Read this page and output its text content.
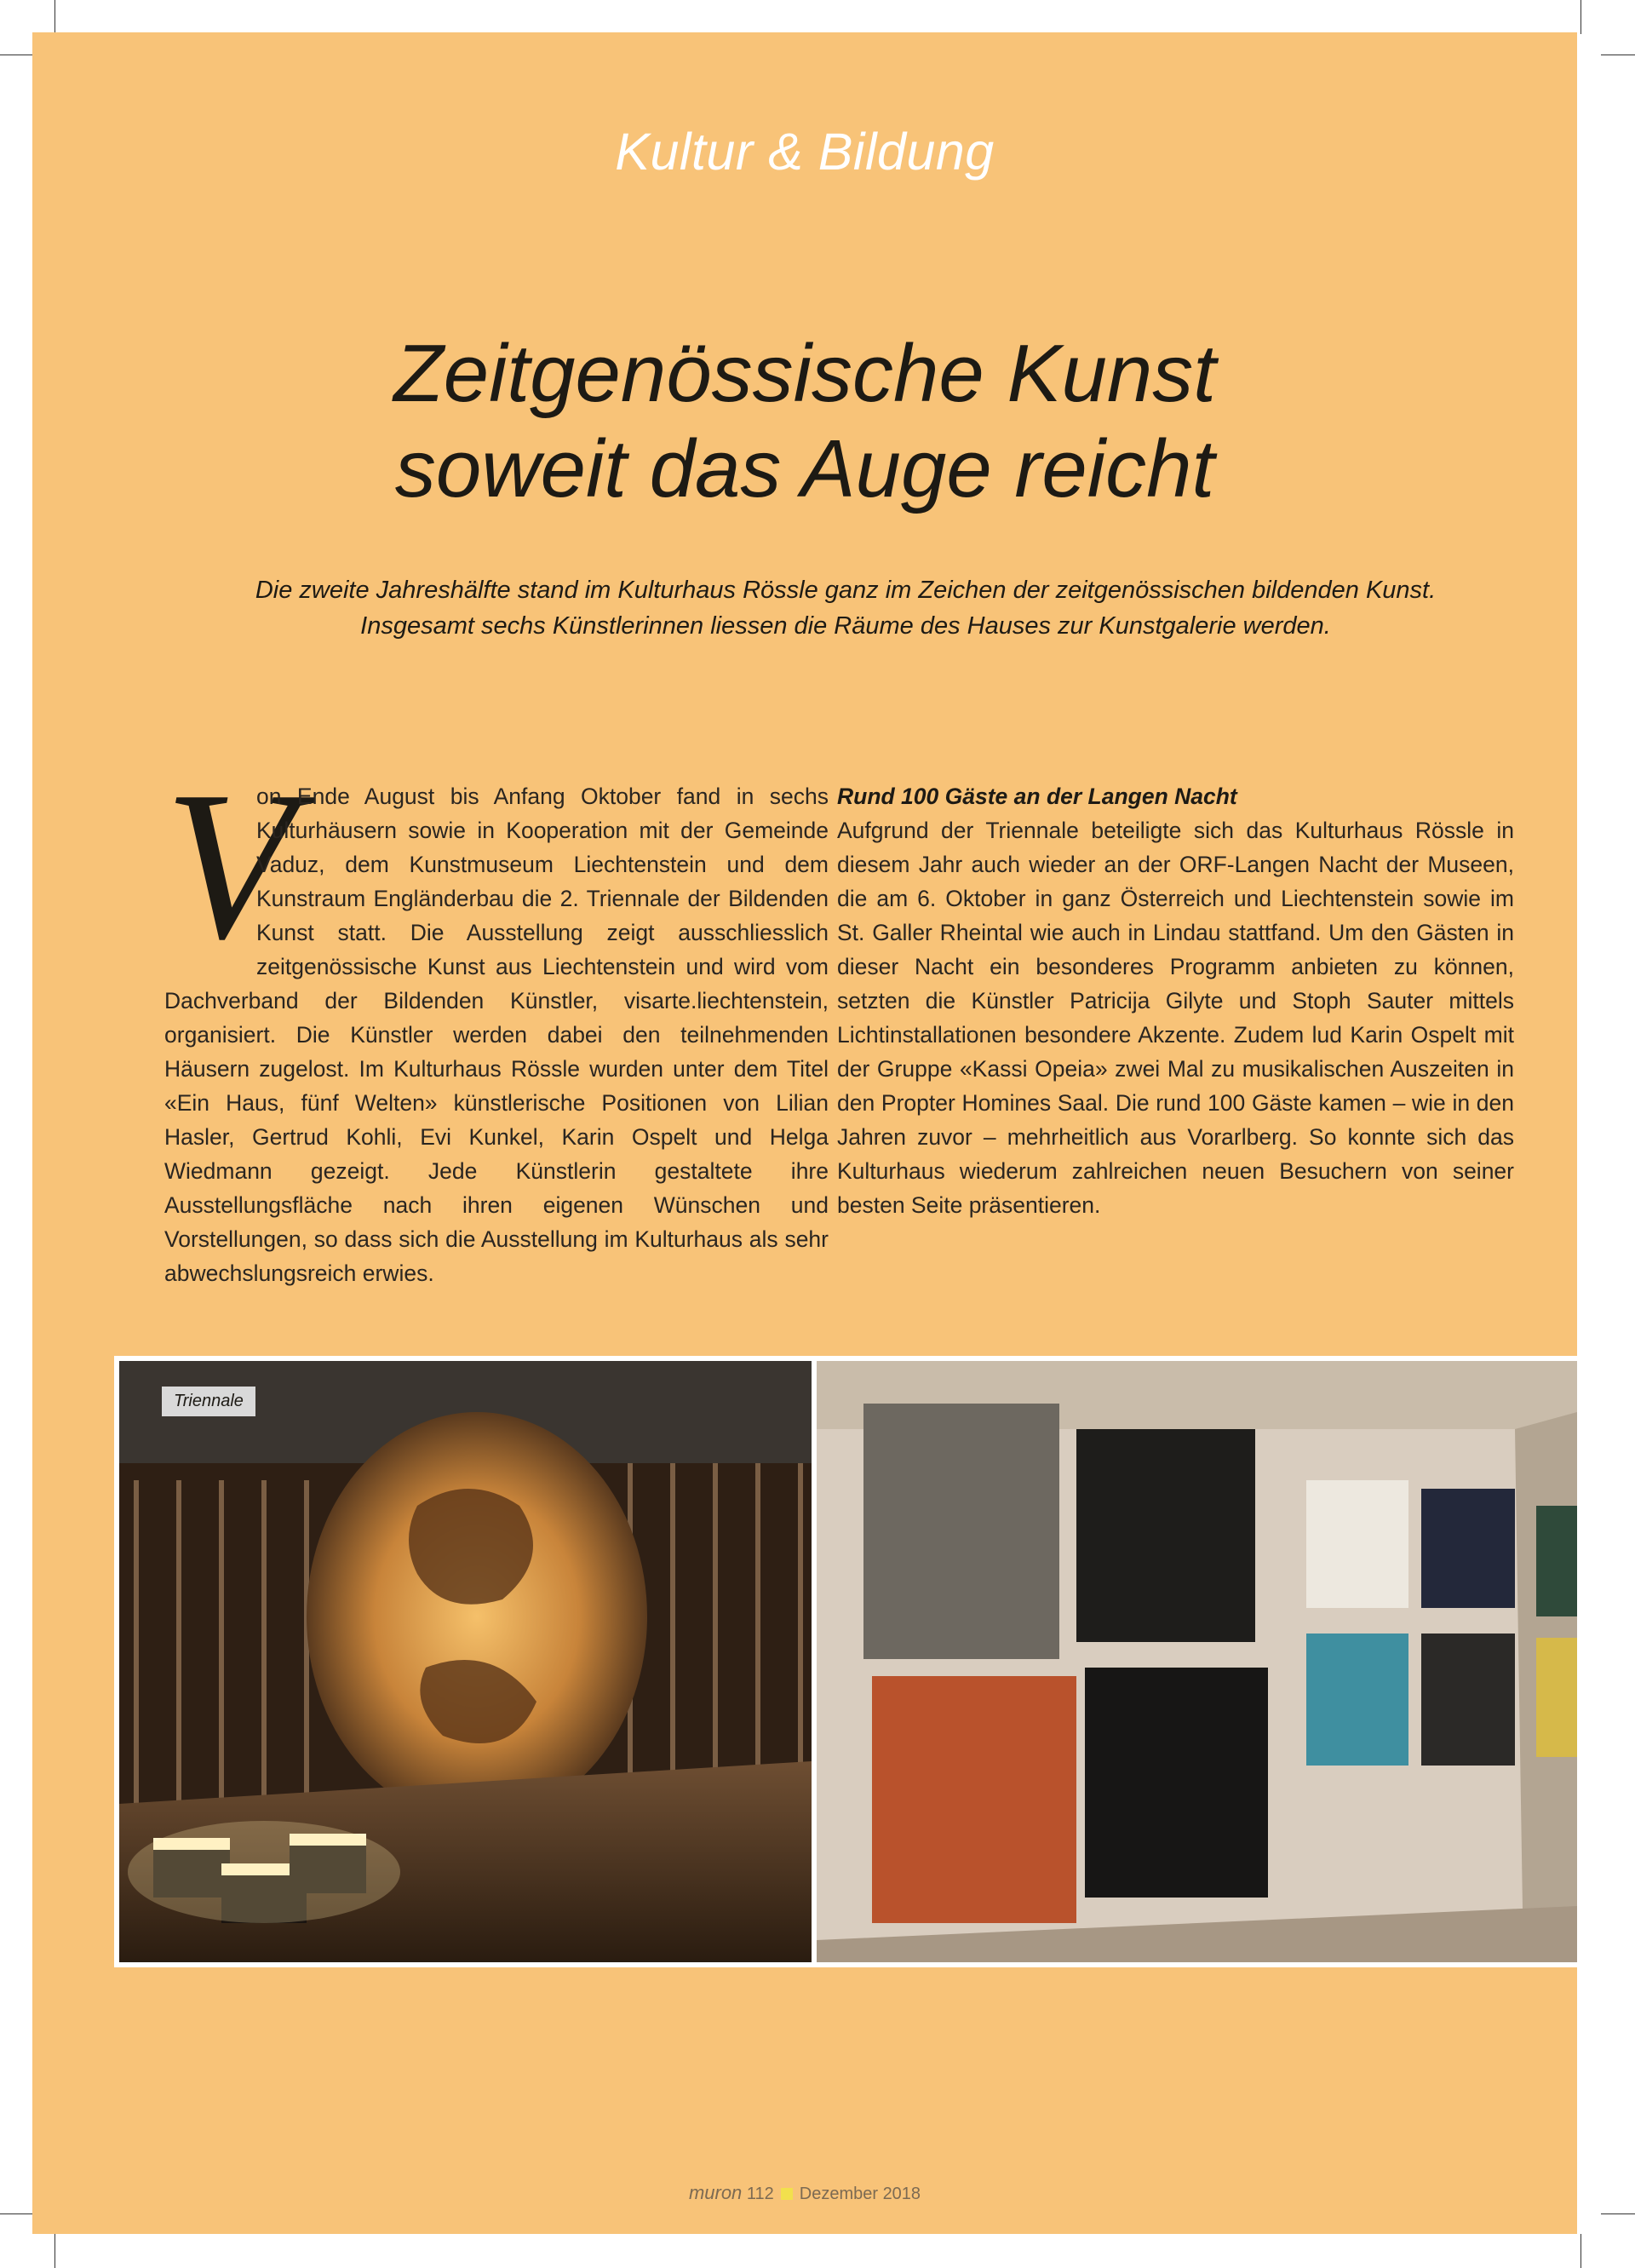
Kultur & Bildung
Zeitgenössische Kunst
soweit das Auge reicht
Die zweite Jahreshälfte stand im Kulturhaus Rössle ganz im Zeichen der zeitgenössischen bildenden Kunst. Insgesamt sechs Künstlerinnen liessen die Räume des Hauses zur Kunstgalerie werden.
V
on Ende August bis Anfang Oktober fand in sechs Kulturhäusern sowie in Kooperation mit der Gemeinde Vaduz, dem Kunstmuseum Liechtenstein und dem Kunstraum Engländerbau die 2. Triennale der Bildenden Kunst statt. Die Ausstellung zeigt ausschliesslich zeitgenössische Kunst aus Liechtenstein und wird vom Dachverband der Bildenden Künstler, visarte.liechtenstein, organisiert. Die Künstler werden dabei den teilnehmenden Häusern zugelost. Im Kulturhaus Rössle wurden unter dem Titel «Ein Haus, fünf Welten» künstlerische Positionen von Lilian Hasler, Gertrud Kohli, Evi Kunkel, Karin Ospelt und Helga Wiedmann gezeigt. Jede Künstlerin gestaltete ihre Ausstellungsfläche nach ihren eigenen Wünschen und Vorstellungen, so dass sich die Ausstellung im Kulturhaus als sehr abwechslungsreich erwies.
Rund 100 Gäste an der Langen Nacht
Aufgrund der Triennale beteiligte sich das Kulturhaus Rössle in diesem Jahr auch wieder an der ORF-Langen Nacht der Museen, die am 6. Oktober in ganz Österreich und Liechtenstein sowie im St. Galler Rheintal wie auch in Lindau stattfand. Um den Gästen in dieser Nacht ein besonderes Programm anbieten zu können, setzten die Künstler Patricija Gilyte und Stoph Sauter mittels Lichtinstallationen besondere Akzente. Zudem lud Karin Ospelt mit der Gruppe «Kassi Opeia» zwei Mal zu musikalischen Auszeiten in den Propter Homines Saal. Die rund 100 Gäste kamen – wie in den Jahren zuvor – mehrheitlich aus Vorarlberg. So konnte sich das Kulturhaus wiederum zahlreichen neuen Besuchern von seiner besten Seite präsentieren.
Triennale
muron 112 Dezember 2018
